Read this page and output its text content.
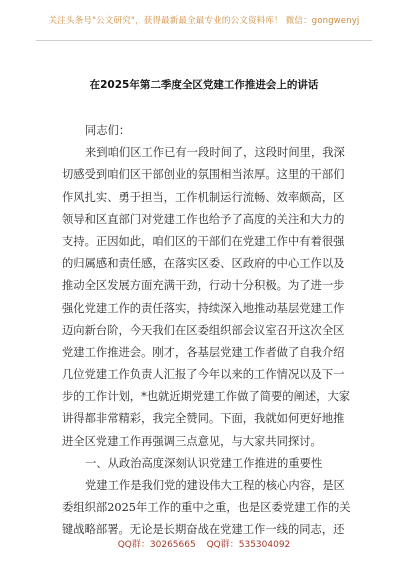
关注头条号"公文研究"，获得最新最全最专业的公文资料库！ 微信：gongwenyj
在2025年第二季度全区党建工作推进会上的讲话
同志们：
来到咱们区工作已有一段时间了，这段时间里，我深
切感受到咱们区干部创业的氛围相当浓厚。这里的干部们
作风扎实、勇于担当，工作机制运行流畅、效率颇高，区
领导和区直部门对党建工作也给予了高度的关注和大力的
支持。正因如此，咱们区的干部们在党建工作中有着很强
的归属感和责任感，在落实区委、区政府的中心工作以及
推动全区发展方面充满干劲，行动十分积极。为了进一步
强化党建工作的责任落实，持续深入地推动基层党建工作
迈向新台阶，今天我们在区委组织部会议室召开这次全区
党建工作推进会。刚才，各基层党建工作者做了自我介绍
几位党建工作负责人汇报了今年以来的工作情况以及下一
步的工作计划，*也就近期党建工作做了简要的阐述，大家
讲得都非常精彩，我完全赞同。下面，我就如何更好地推
进全区党建工作再强调三点意见，与大家共同探讨。
一、从政治高度深刻认识党建工作推进的重要性
党建工作是我们党的建设伟大工程的核心内容，是区
委组织部2025年工作的重中之重，也是区委党建工作的关
键战略部署。无论是长期奋战在党建工作一线的同志，还
QQ群：30265665 QQ群：535304092
